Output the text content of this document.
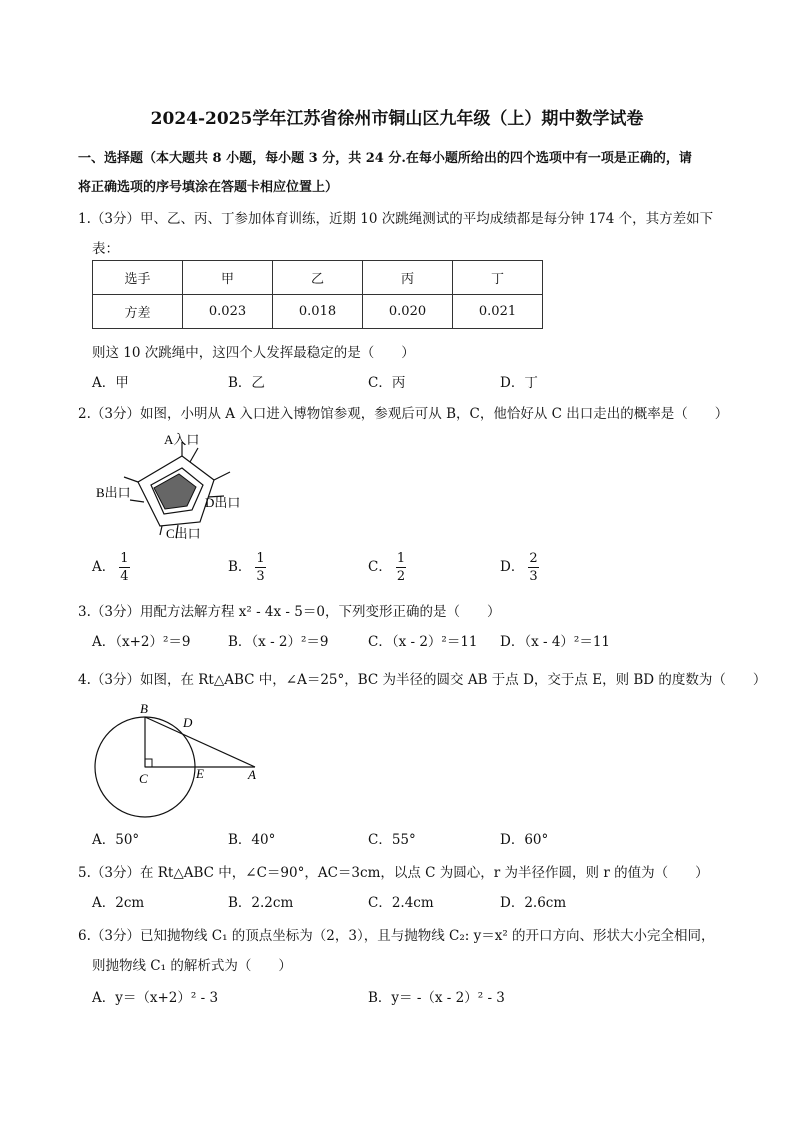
2024-2025学年江苏省徐州市铜山区九年级（上）期中数学试卷
一、选择题（本大题共 8 小题，每小题 3 分，共 24 分.在每小题所给出的四个选项中有一项是正确的，请
将正确选项的序号填涂在答题卡相应位置上）
1.（3分）甲、乙、丙、丁参加体育训练，近期 10 次跳绳测试的平均成绩都是每分钟 174 个，其方差如下
表：
选手	甲	乙	丙	丁
方差	0.023	0.018	0.020	0.021
则这 10 次跳绳中，这四个人发挥最稳定的是（　　）
A．甲	B．乙	C．丙	D．丁
2.（3分）如图，小明从 A 入口进入博物馆参观，参观后可从 B，C，他恰好从 C 出口走出的概率是（　　）
A入口
B出口
C出口
D出口
A． $\frac{1}{4}$	B． $\frac{1}{3}$	C． $\frac{1}{2}$	D． $\frac{2}{3}$
3.（3分）用配方法解方程 x² - 4x - 5＝0，下列变形正确的是（　　）
A．（x+2）²＝9	B．（x - 2）²＝9	C．（x - 2）²＝11 D．（x - 4）²＝11
4.（3分）如图，在 Rt△ABC 中，∠A＝25°，BC 为半径的圆交 AB 于点 D，交于点 E，则 BD 的度数为（　　）
B
D
C	E	A
A．50°	B．40°	C．55°	D．60°
5.（3分）在 Rt△ABC 中，∠C＝90°，AC＝3cm，以点 C 为圆心，r 为半径作圆，则 r 的值为（　　）
A．2cm	B．2.2cm	C．2.4cm	D．2.6cm
6.（3分）已知抛物线 C₁ 的顶点坐标为（2，3），且与抛物线 C₂: y＝x² 的开口方向、形状大小完全相同，
则抛物线 C₁ 的解析式为（　　）
A．y＝（x+2）² - 3	B．y＝ -（x - 2）² - 3
